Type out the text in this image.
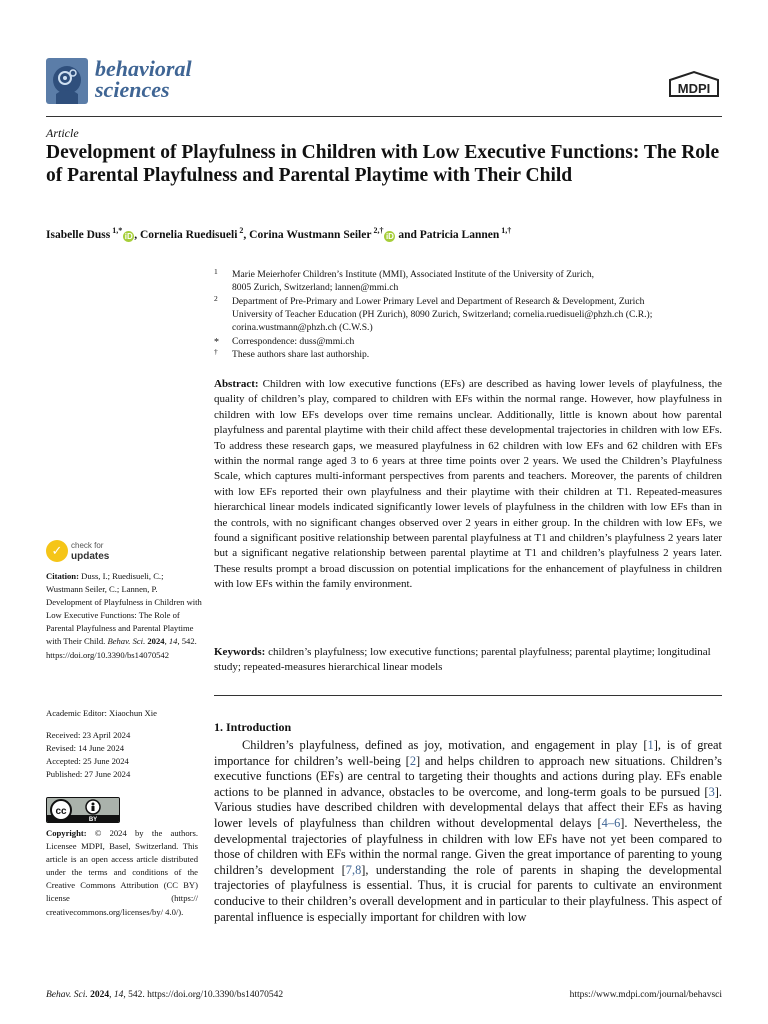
behavioral
sciences	MDPI
Article
Development of Playfulness in Children with Low Executive Functions: The Role of Parental Playfulness and Parental Playtime with Their Child
Isabelle Duss $^{1,*}$iD , Cornelia Ruedisueli $^2$, Corina Wustmann Seiler $^{2,\dagger}$iD and Patricia Lannen $^{1,\dagger}$
1 Marie Meierhofer Children’s Institute (MMI), Associated Institute of the University of Zurich,
8005 Zurich, Switzerland; lannen@mmi.ch
2 Department of Pre-Primary and Lower Primary Level and Department of Research & Development, Zurich
University of Teacher Education (PH Zurich), 8090 Zurich, Switzerland; cornelia.ruedisueli@phzh.ch (C.R.);
corina.wustmann@phzh.ch (C.W.S.)
* Correspondence: duss@mmi.ch
† These authors share last authorship.
Abstract: Children with low executive functions (EFs) are described as having lower levels of playfulness, the quality of children’s play, compared to children with EFs within the normal range. However, how playfulness in children with low EFs develops over time remains unclear. Additionally, little is known about how parental playfulness and parental playtime with their child affect these developmental trajectories in children with low EFs. To address these research gaps, we measured playfulness in 62 children with low EFs and 62 children with EFs within the normal range aged 3 to 6 years at three time points over 2 years. We used the Children’s Playfulness Scale, which captures multi-informant perspectives from parents and teachers. Moreover, the parents of children with low EFs reported their own playfulness and their playtime with their children at T1. Repeated-measures hierarchical linear models indicated significantly lower levels of playfulness in the children with low EFs than in the controls, with no significant changes observed over 2 years in either group. In the children with low EFs, we found a significant positive relationship between parental playfulness at T1 and children’s playfulness 2 years later but a significant negative relationship between parental playtime at T1 and children’s playfulness 2 years later. These results prompt a broad discussion on potential implications for the enhancement of playfulness in children with low EFs within the family environment.
Keywords: children’s playfulness; low executive functions; parental playfulness; parental playtime; longitudinal study; repeated-measures hierarchical linear models
1. Introduction
Children’s playfulness, defined as joy, motivation, and engagement in play [1], is of great importance for children’s well-being [2] and helps children to approach new situations. Children’s executive functions (EFs) are central to targeting their thoughts and actions during play. EFs enable actions to be planned in advance, obstacles to be overcome, and long-term goals to be pursued [3]. Various studies have described children with developmental delays that affect their EFs as having lower levels of playfulness than children without developmental delays [4–6]. Nevertheless, the developmental trajectories of playfulness in children with low EFs have not yet been compared to those of children with EFs within the normal range. Given the great importance of parenting to young children’s development [7,8], understanding the role of parents in shaping the developmental trajectories of playfulness is essential. Thus, it is crucial for parents to cultivate an environment conducive to their children’s overall development and in particular to their playfulness. This aspect of parental influence is especially important for children with low
✓	check for
updates
Citation: Duss, I.; Ruedisueli, C.; Wustmann Seiler, C.; Lannen, P. Development of Playfulness in Children with Low Executive Functions: The Role of Parental Playfulness and Parental Playtime with Their Child. Behav. Sci. 2024, 14, 542. https://doi.org/10.3390/bs14070542
Academic Editor: Xiaochun Xie
Received: 23 April 2024
Revised: 14 June 2024
Accepted: 25 June 2024
Published: 27 June 2024
cc
BY
Copyright: © 2024 by the authors. Licensee MDPI, Basel, Switzerland. This article is an open access article distributed under the terms and conditions of the Creative Commons Attribution (CC BY) license (https:// creativecommons.org/licenses/by/ 4.0/).
Behav. Sci. 2024, 14, 542. https://doi.org/10.3390/bs14070542	https://www.mdpi.com/journal/behavsci
